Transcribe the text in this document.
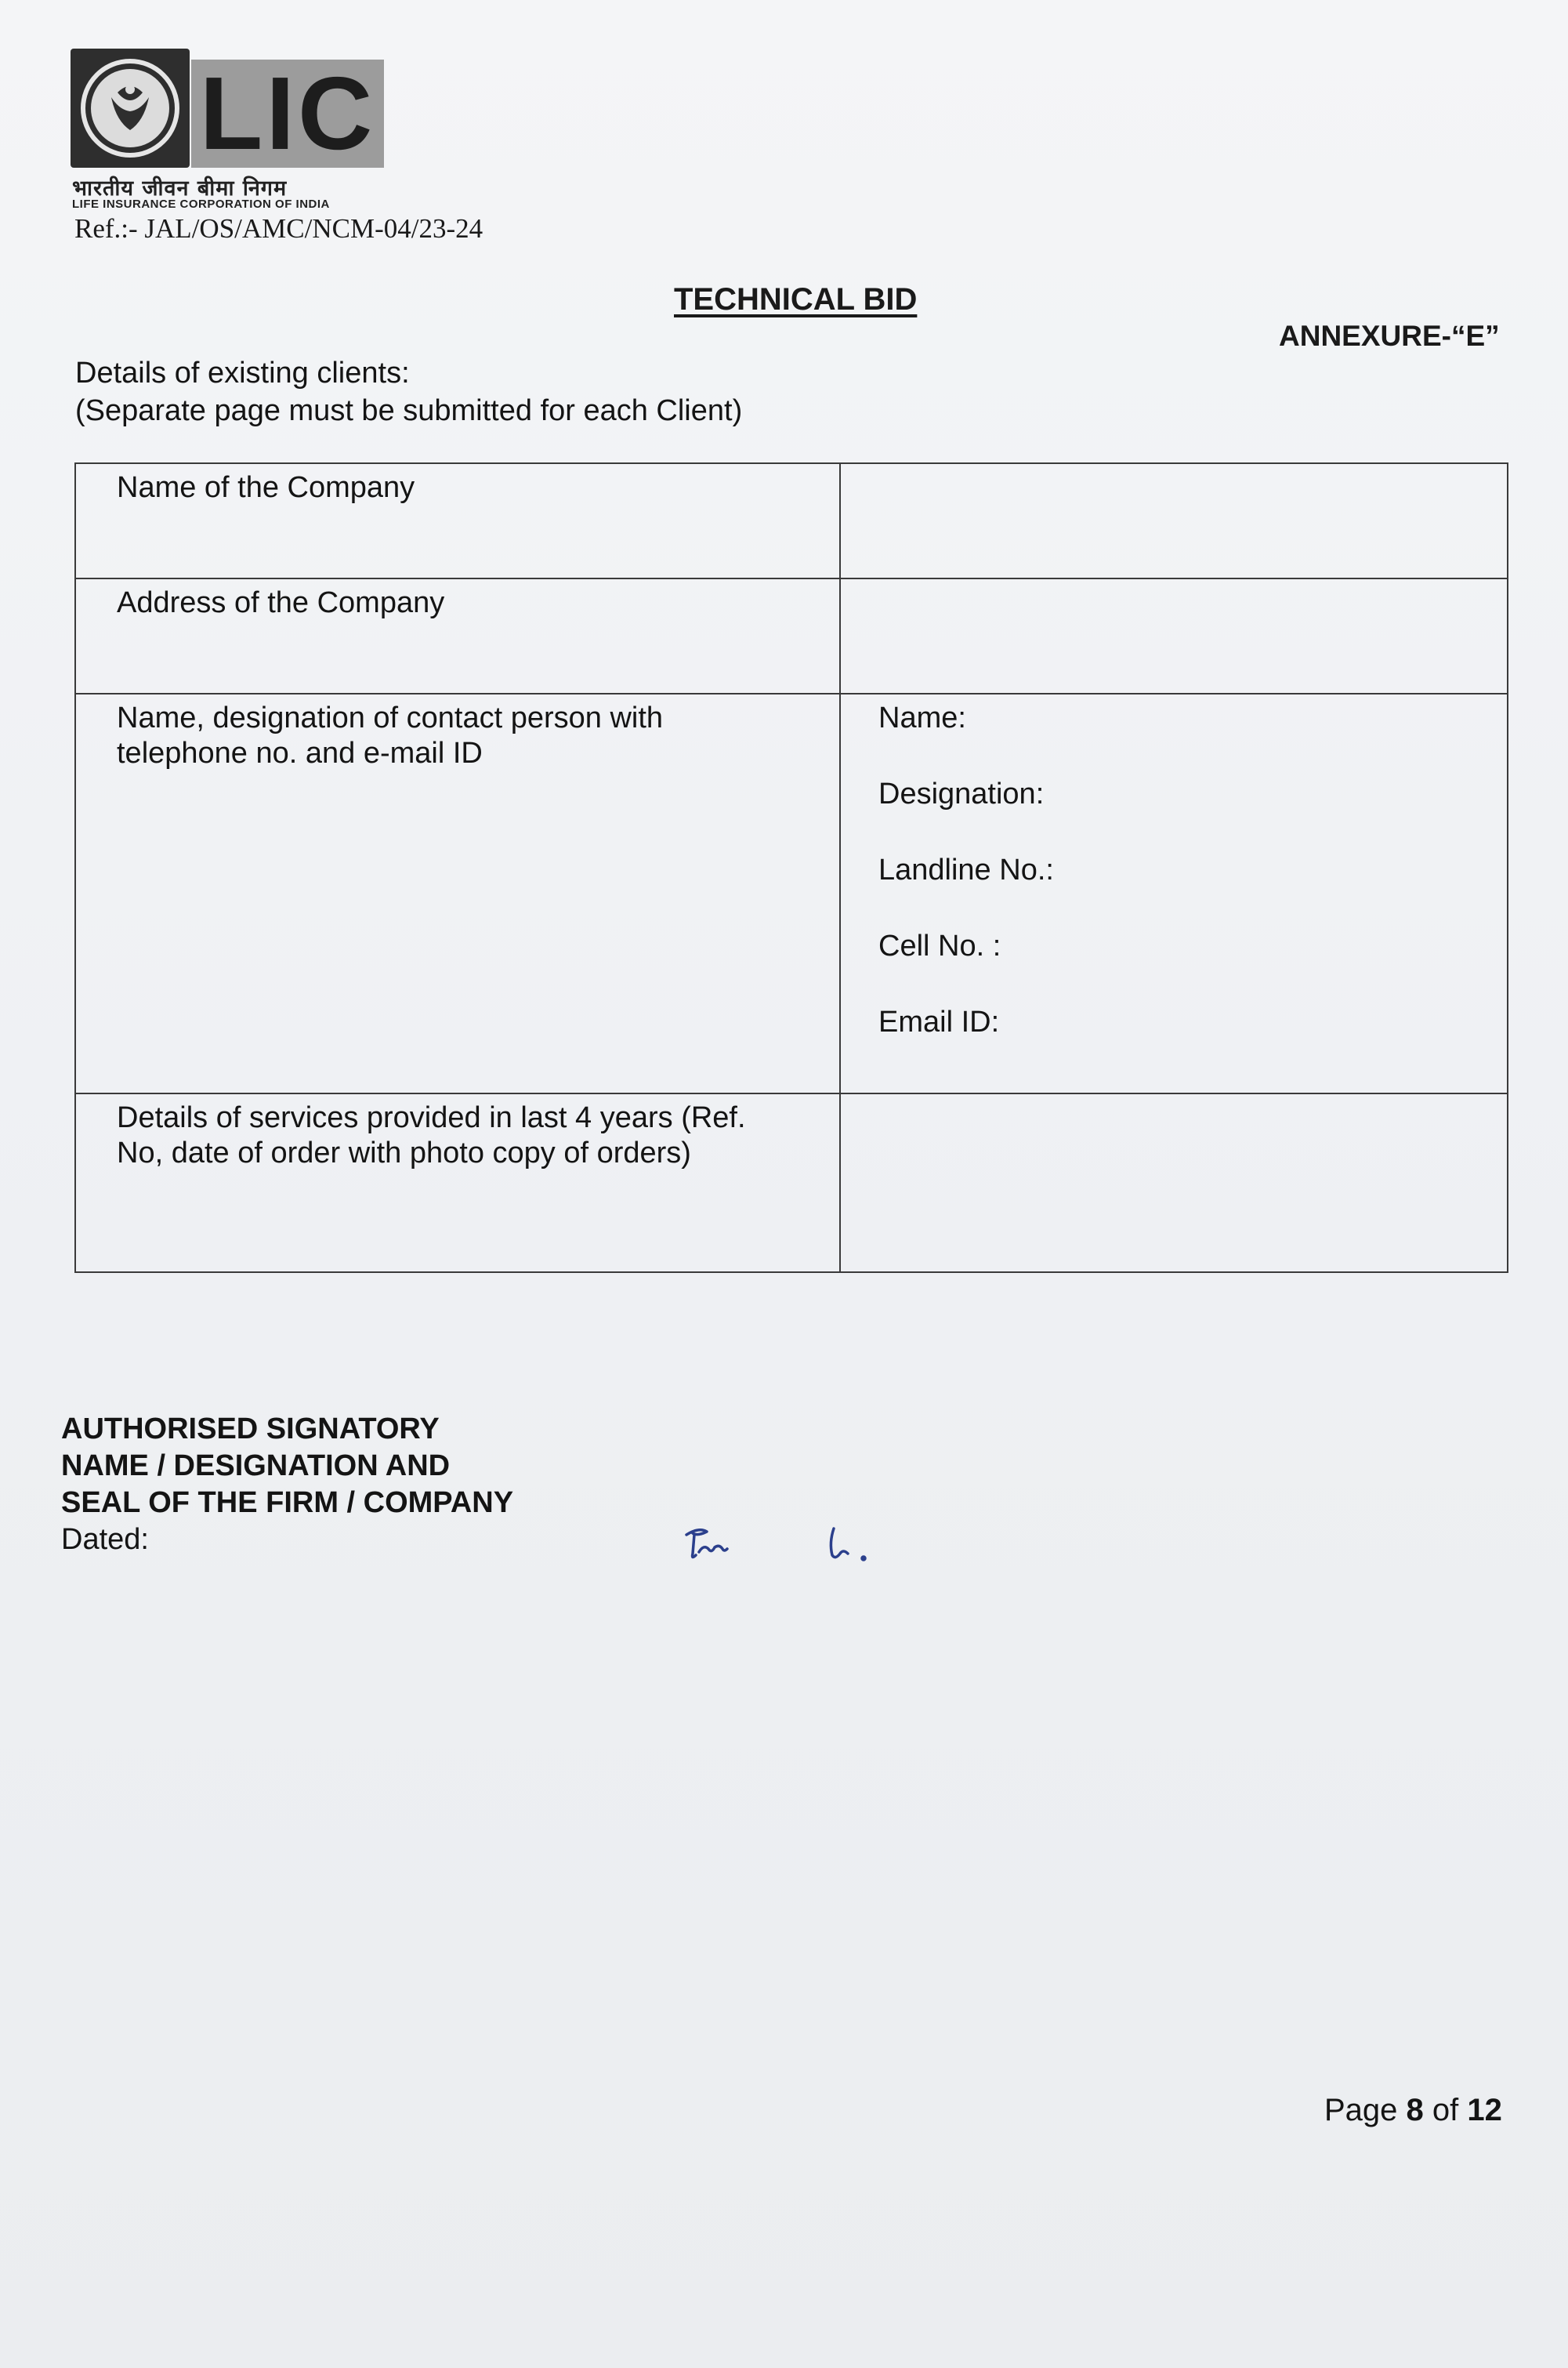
LIC
भारतीय जीवन बीमा निगम
LIFE INSURANCE CORPORATION OF INDIA
Ref.:- JAL/OS/AMC/NCM-04/23-24
TECHNICAL BID
ANNEXURE-“E”
Details of existing clients:
(Separate page must be submitted for each Client)
Name of the Company	
Address of the Company	
Name, designation of contact person with telephone no. and e-mail ID	Name:
Designation:
Landline No.:
Cell No. :
Email ID:

Details of services provided in last 4 years (Ref. No, date of order with photo copy of orders)	
AUTHORISED SIGNATORY
NAME / DESIGNATION AND
SEAL OF THE FIRM / COMPANY
Dated:
Page 8 of 12
